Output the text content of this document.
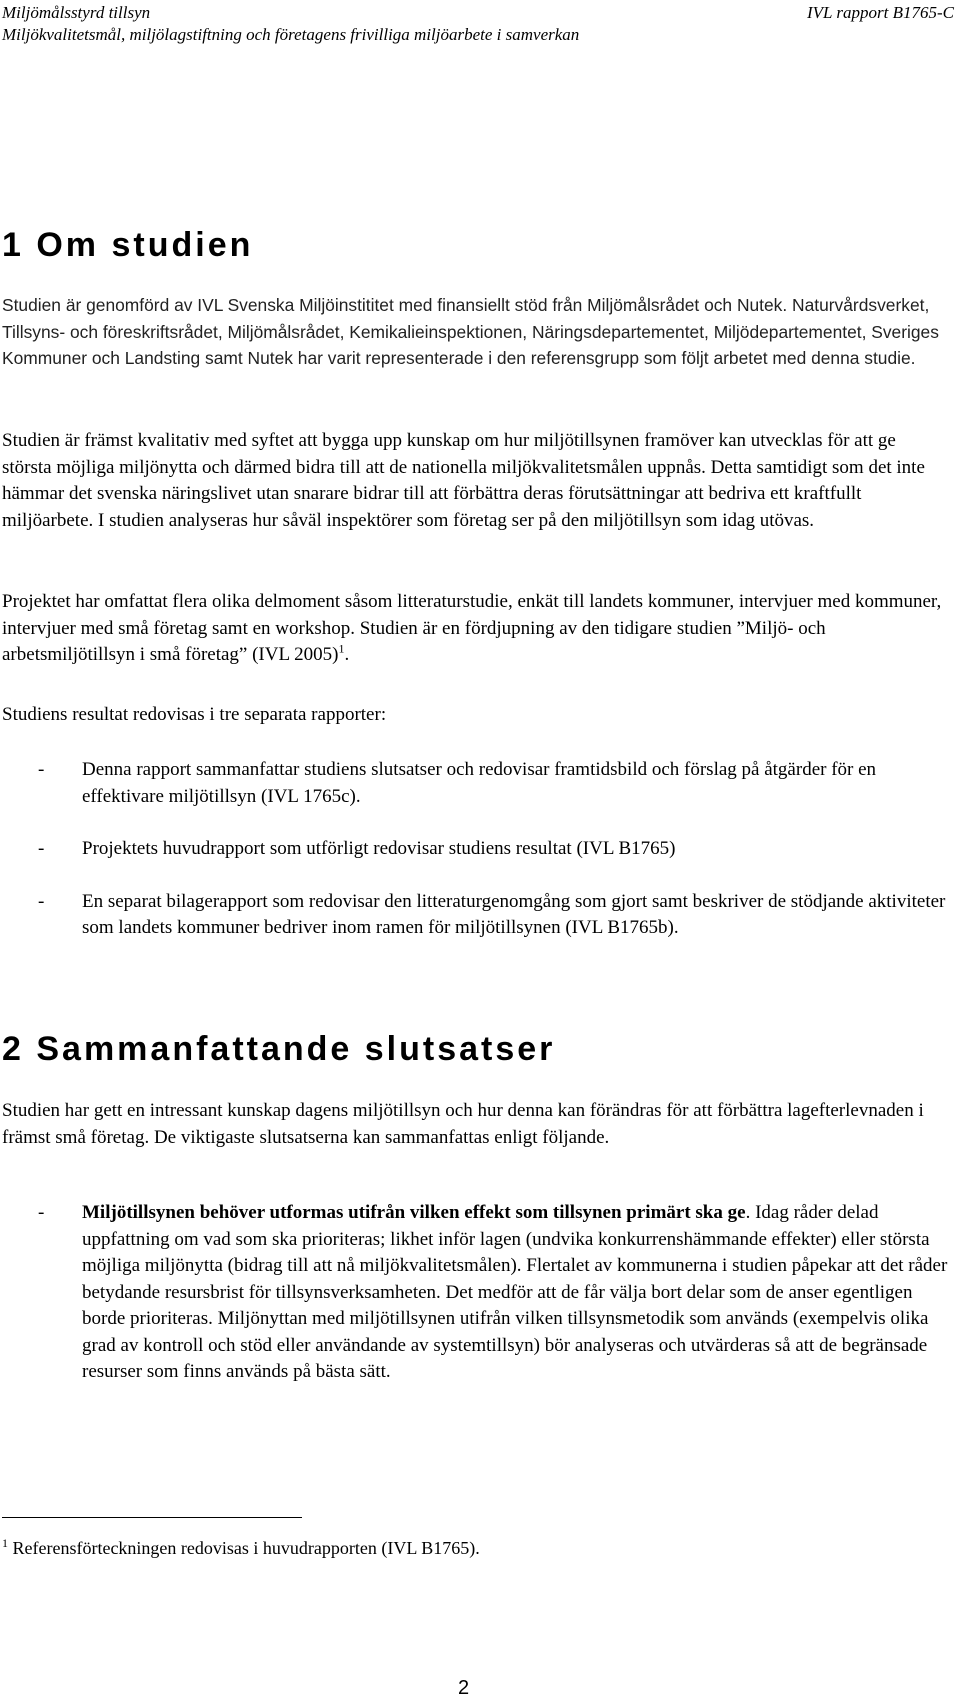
Miljömålsstyrd tillsyn
Miljökvalitetsmål, miljölagstiftning och företagens frivilliga miljöarbete i samverkan
IVL rapport B1765-C
1 Om studien

Studien är genomförd av IVL Svenska Miljöinstititet med finansiellt stöd från Miljömålsrådet och Nutek. Naturvårdsverket, Tillsyns- och föreskriftsrådet, Miljömålsrådet, Kemikalieinspektionen, Näringsdepartementet, Miljödepartementet, Sveriges Kommuner och Landsting samt Nutek har varit representerade i den referensgrupp som följt arbetet med denna studie.

Studien är främst kvalitativ med syftet att bygga upp kunskap om hur miljötillsynen framöver kan utvecklas för att ge största möjliga miljönytta och därmed bidra till att de nationella miljökvalitetsmålen uppnås. Detta samtidigt som det inte hämmar det svenska näringslivet utan snarare bidrar till att förbättra deras förutsättningar att bedriva ett kraftfullt miljöarbete. I studien analyseras hur såväl inspektörer som företag ser på den miljötillsyn som idag utövas.

Projektet har omfattat flera olika delmoment såsom litteraturstudie, enkät till landets kommuner, intervjuer med kommuner, intervjuer med små företag samt en workshop. Studien är en fördjupning av den tidigare studien ”Miljö- och arbetsmiljötillsyn i små företag” (IVL 2005)$^1$.

Studiens resultat redovisas i tre separata rapporter:

- Denna rapport sammanfattar studiens slutsatser och redovisar framtidsbild och förslag på åtgärder för en effektivare miljötillsyn (IVL 1765c).
- Projektets huvudrapport som utförligt redovisar studiens resultat (IVL B1765)
- En separat bilagerapport som redovisar den litteraturgenomgång som gjort samt beskriver de stödjande aktiviteter som landets kommuner bedriver inom ramen för miljötillsynen (IVL B1765b).
2 Sammanfattande slutsatser

Studien har gett en intressant kunskap dagens miljötillsyn och hur denna kan förändras för att förbättra lagefterlevnaden i främst små företag. De viktigaste slutsatserna kan sammanfattas enligt följande.

- Miljötillsynen behöver utformas utifrån vilken effekt som tillsynen primärt ska ge. Idag råder delad uppfattning om vad som ska prioriteras; likhet inför lagen (undvika konkurrenshämmande effekter) eller största möjliga miljönytta (bidrag till att nå miljökvalitetsmålen). Flertalet av kommunerna i studien påpekar att det råder betydande resursbrist för tillsynsverksamheten. Det medför att de får välja bort delar som de anser egentligen borde prioriteras. Miljönyttan med miljötillsynen utifrån vilken tillsynsmetodik som används (exempelvis olika grad av kontroll och stöd eller användande av systemtillsyn) bör analyseras och utvärderas så att de begränsade resurser som finns används på bästa sätt.

$^1$ Referensförteckningen redovisas i huvudrapporten (IVL B1765).

2
